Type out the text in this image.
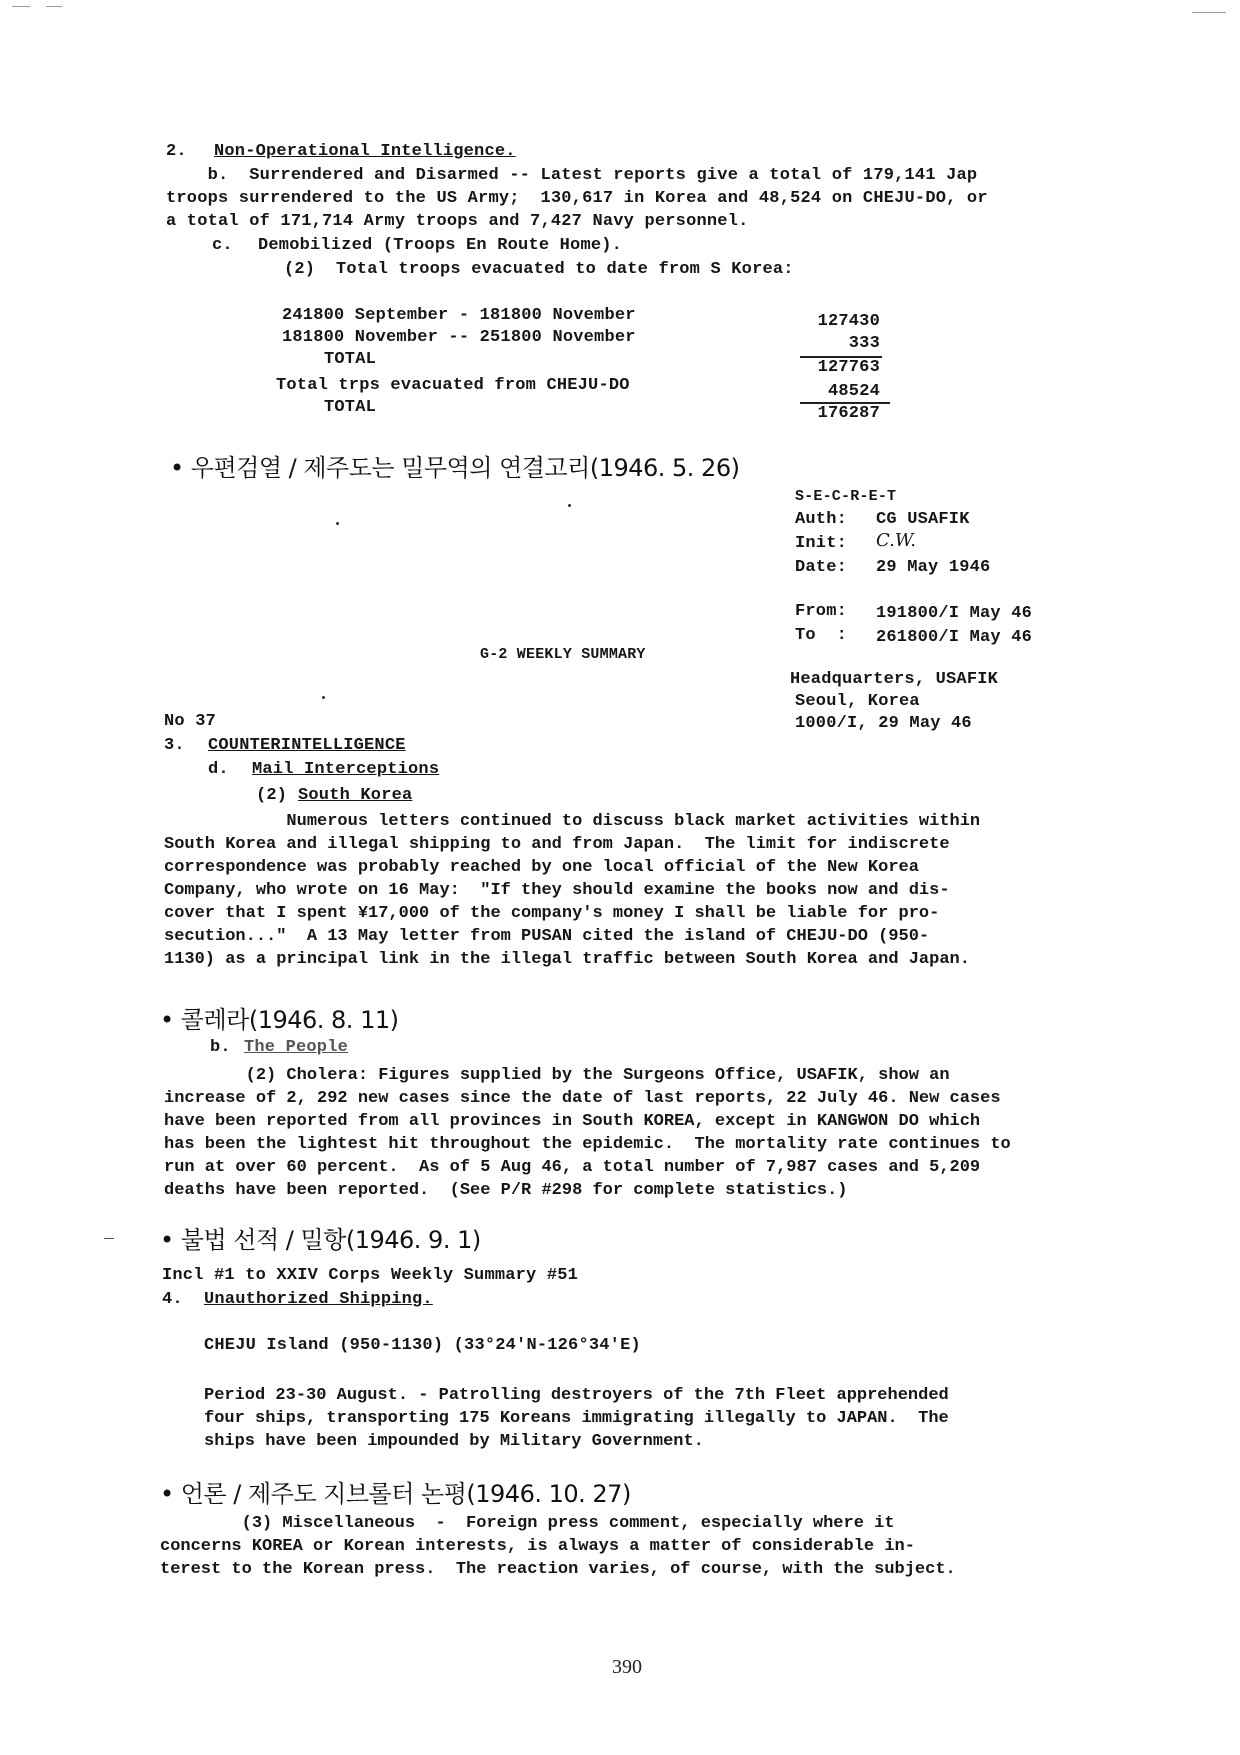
2. Non-Operational Intelligence.
b.  Surrendered and Disarmed -- Latest reports give a total of 179,141 Jap
troops surrendered to the US Army;  130,617 in Korea and 48,524 on CHEJU-DO, or
a total of 171,714 Army troops and 7,427 Navy personnel.
c. Demobilized (Troops En Route Home).
(2)  Total troops evacuated to date from S Korea:
241800 September - 181800 November	127430
181800 November -- 251800 November	333
TOTAL	127763
Total trps evacuated from CHEJU-DO	48524
TOTAL	176287
• 우편검열 / 제주도는 밀무역의 연결고리(1946. 5. 26)
S-E-C-R-E-T
Auth: CG USAFIK
Init: C.W.
Date: 29 May 1946
From: 191800/I May 46
To  : 261800/I May 46
G-2 WEEKLY SUMMARY
Headquarters, USAFIK
Seoul, Korea
1000/I, 29 May 46
No 37
3. COUNTERINTELLIGENCE
d. Mail Interceptions
(2) South Korea
Numerous letters continued to discuss black market activities within
South Korea and illegal shipping to and from Japan.  The limit for indiscrete
correspondence was probably reached by one local official of the New Korea
Company, who wrote on 16 May:  "If they should examine the books now and dis-
cover that I spent ¥17,000 of the company's money I shall be liable for pro-
secution..."  A 13 May letter from PUSAN cited the island of CHEJU-DO (950-
1130) as a principal link in the illegal traffic between South Korea and Japan.
• 콜레라(1946. 8. 11)
b. The People
(2) Cholera: Figures supplied by the Surgeons Office, USAFIK, show an
increase of 2, 292 new cases since the date of last reports, 22 July 46. New cases
have been reported from all provinces in South KOREA, except in KANGWON DO which
has been the lightest hit throughout the epidemic.  The mortality rate continues to
run at over 60 percent.  As of 5 Aug 46, a total number of 7,987 cases and 5,209
deaths have been reported.  (See P/R #298 for complete statistics.)
• 불법 선적 / 밀항(1946. 9. 1)
Incl #1 to XXIV Corps Weekly Summary #51
4. Unauthorized Shipping.
CHEJU Island (950-1130) (33°24'N-126°34'E)
Period 23-30 August. - Patrolling destroyers of the 7th Fleet apprehended
four ships, transporting 175 Koreans immigrating illegally to JAPAN.  The
ships have been impounded by Military Government.
• 언론 / 제주도 지브롤터 논평(1946. 10. 27)
(3) Miscellaneous  -  Foreign press comment, especially where it
concerns KOREA or Korean interests, is always a matter of considerable in-
terest to the Korean press.  The reaction varies, of course, with the subject.
390
